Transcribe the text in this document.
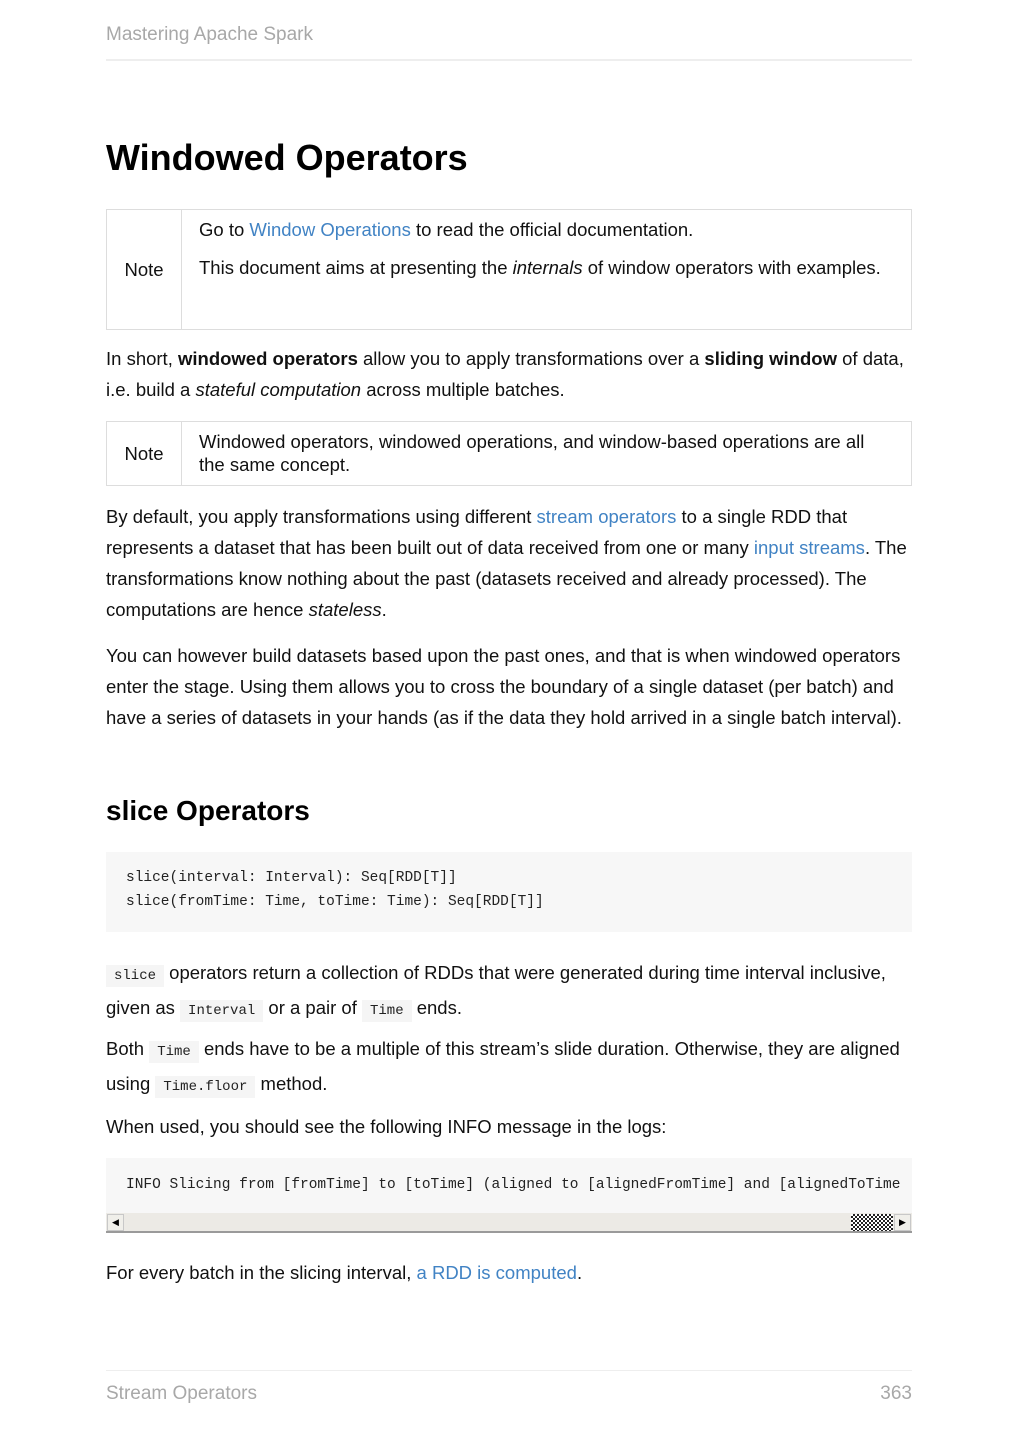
Mastering Apache Spark
Windowed Operators
Note

Go to Window Operations to read the official documentation.

This document aims at presenting the internals of window operators with examples.

In short, windowed operators allow you to apply transformations over a sliding window of data, i.e. build a stateful computation across multiple batches.

Note

Windowed operators, windowed operations, and window-based operations are all the same concept.

By default, you apply transformations using different stream operators to a single RDD that represents a dataset that has been built out of data received from one or many input streams. The transformations know nothing about the past (datasets received and already processed). The computations are hence stateless.

You can however build datasets based upon the past ones, and that is when windowed operators enter the stage. Using them allows you to cross the boundary of a single dataset (per batch) and have a series of datasets in your hands (as if the data they hold arrived in a single batch interval).

slice Operators
slice(interval: Interval): Seq[RDD[T]]
slice(fromTime: Time, toTime: Time): Seq[RDD[T]]

slice operators return a collection of RDDs that were generated during time interval inclusive, given as Interval or a pair of Time ends.

Both Time ends have to be a multiple of this stream’s slide duration. Otherwise, they are aligned using Time.floor method.

When used, you should see the following INFO message in the logs:

INFO Slicing from [fromTime] to [toTime] (aligned to [alignedFromTime] and [alignedToTime
◀	▶

For every batch in the slicing interval, a RDD is computed.

Stream Operators	363
